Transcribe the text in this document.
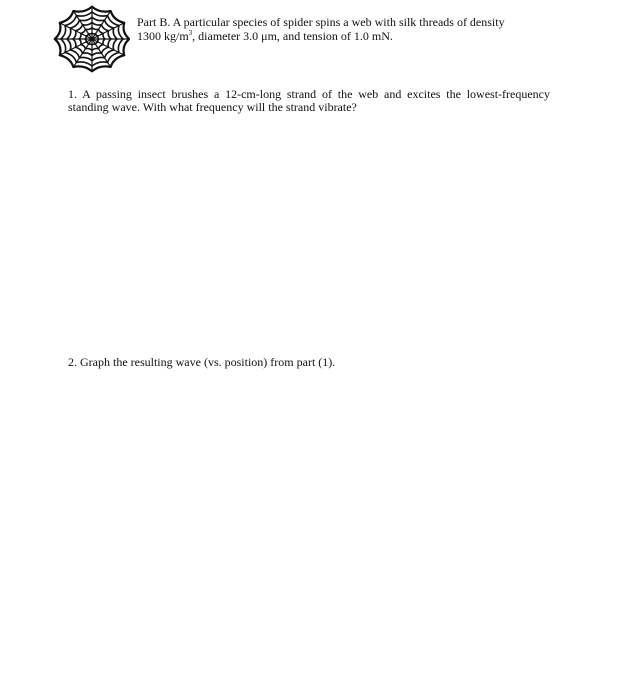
Part B. A particular species of spider spins a web with silk threads of density

1300 $kg/m^3$, diameter 3.0 μm, and tension of 1.0 mN.

1. A passing insect brushes a 12-cm-long strand of the web and excites the lowest-frequency standing wave. With what frequency will the strand vibrate?

2. Graph the resulting wave (vs. position) from part (1).
